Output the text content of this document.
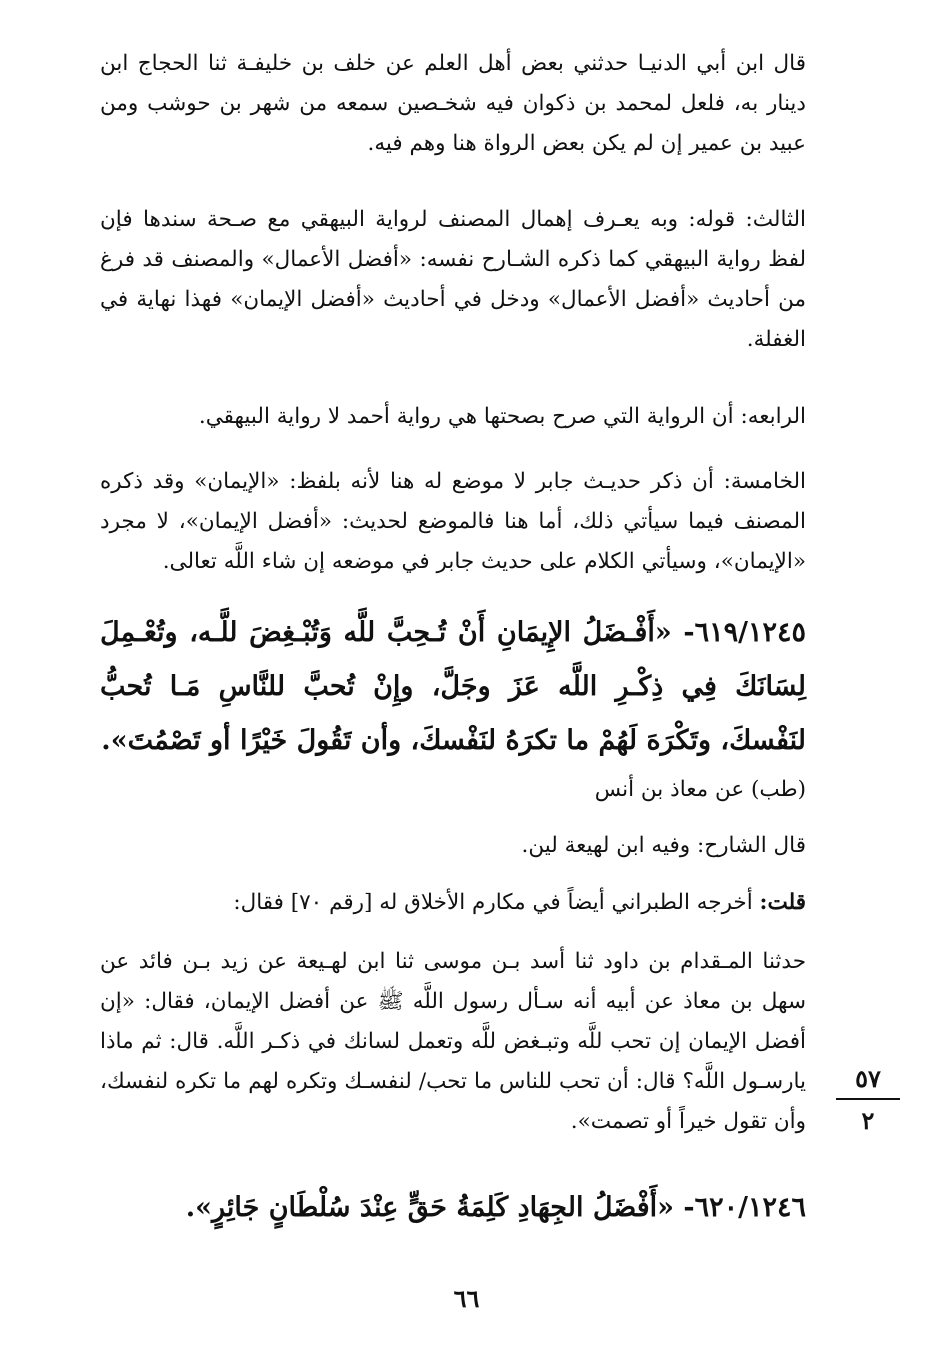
قال ابن أبي الدنيـا حدثني بعض أهل العلم عن خلف بن خليفـة ثنا الحجاج ابن دينار به، فلعل لمحمد بن ذكوان فيه شخـصين سمعه من شهر بن حوشب ومن عبيد بن عمير إن لم يكن بعض الرواة هنا وهم فيه.

الثالث: قوله: وبه يعـرف إهمال المصنف لرواية البيهقي مع صـحة سندها فإن لفظ رواية البيهقي كما ذكره الشـارح نفسه: «أفضل الأعمال» والمصنف قد فرغ من أحاديث «أفضل الأعمال» ودخل في أحاديث «أفضل الإيمان» فهذا نهاية في الغفلة.

الرابعه: أن الرواية التي صرح بصحتها هي رواية أحمد لا رواية البيهقي.

الخامسة: أن ذكر حديـث جابر لا موضع له هنا لأنه بلفظ: «الإيمان» وقد ذكره المصنف فيما سيأتي ذلك، أما هنا فالموضع لحديث: «أفضل الإيمان»، لا مجرد «الإيمان»، وسيأتي الكلام على حديث جابر في موضعه إن شاء اللَّه تعالى.

٦١٩/١٢٤٥- «أَفْـضَلُ الإِيمَانِ أَنْ تُـحِبَّ للَّه وَتُبْـغِضَ للَّـه، وتُعْـمِلَ لِسَانَكَ فِي ذِكْـرِ اللَّه عَزَ وجَلَّ، وإِنْ تُحبَّ للنَّاسِ مَـا تُحبُّ لنَفْسكَ، وتَكْرَهَ لَهُمْ ما تكرَهُ لنَفْسكَ، وأن تَقُولَ خَيْرًا أو تَصْمُتَ».

(طب) عن معاذ بن أنس

قال الشارح: وفيه ابن لهيعة لين.

قلت: أخرجه الطبراني أيضاً في مكارم الأخلاق له [رقم ٧٠] فقال:

حدثنا المـقدام بن داود ثنا أسد بـن موسى ثنا ابن لهـيعة عن زيد بـن فائد عن سهل بن معاذ عن أبيه أنه سـأل رسول اللَّه ﷺ عن أفضل الإيمان، فقال: «إن أفضل الإيمان إن تحب للَّه وتبـغض للَّه وتعمل لسانك في ذكـر اللَّه. قال: ثم ماذا يارسـول اللَّه؟ قال: أن تحب للناس ما تحب/ لنفسـك وتكره لهم ما تكره لنفسك، وأن تقول خيراً أو تصمت».

٦٢٠/١٢٤٦- «أَفْضَلُ الجِهَادِ كَلِمَةُ حَقٍّ عِنْدَ سُلْطَانٍ جَائِرٍ».

٥٧
٢
٦٦
